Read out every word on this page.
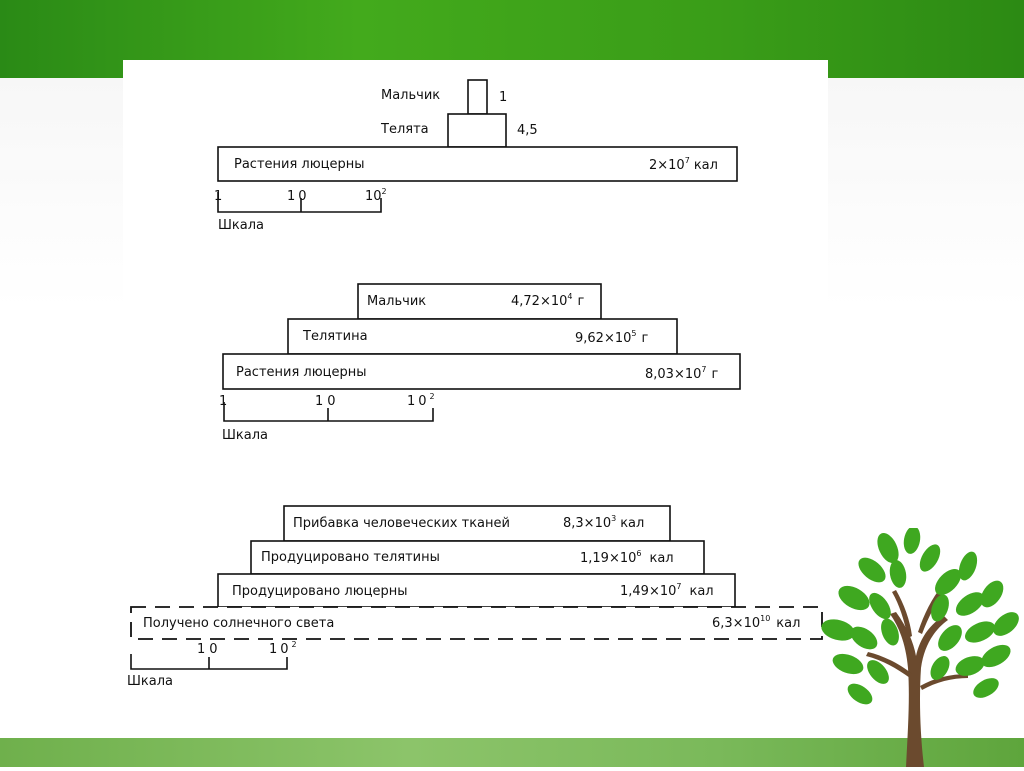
Мальчик	1
Телята	4,5
Растения люцерны	$2\times 10^7$ кал
1	10	$10^2$
Шкала
Мальчик	$4,72\times 10^4$ г
Телятина	$9,62\times 10^5$ г
Растения люцерны	$8,03\times 10^7$ г
1	10	$10^2$
Шкала
Прибавка человеческих тканей	$8,3\times 10^3$ кал
Продуцировано телятины	$1,19\times 10^6$ кал
Продуцировано люцерны	$1,49\times 10^7$ кал
Получено солнечного света	$6,3\times 10^{10}$ кал
10	$10^2$
Шкала
